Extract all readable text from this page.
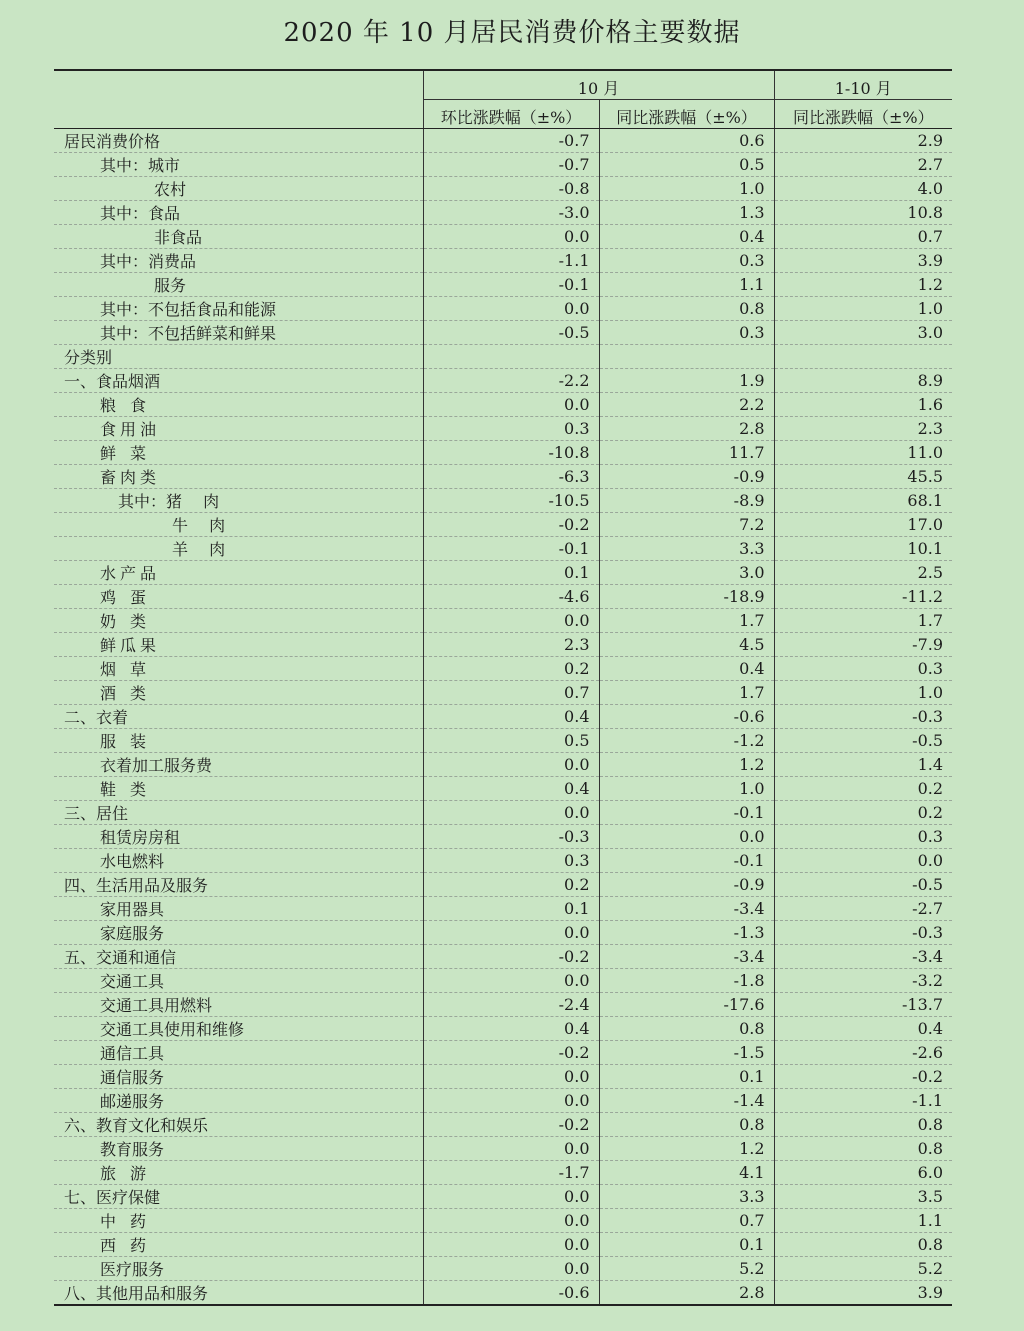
2020 年 10 月居民消费价格主要数据
	10 月		1-10 月
	环比涨跌幅（±%）	同比涨跌幅（±%）	同比涨跌幅（±%）
居民消费价格	-0.7	0.6	2.9
其中：城市	-0.7	0.5	2.7
农村	-0.8	1.0	4.0
其中：食品	-3.0	1.3	10.8
非食品	0.0	0.4	0.7
其中：消费品	-1.1	0.3	3.9
服务	-0.1	1.1	1.2
其中：不包括食品和能源	0.0	0.8	1.0
其中：不包括鲜菜和鲜果	-0.5	0.3	3.0
分类别			
一、食品烟酒	-2.2	1.9	8.9
粮食	0.0	2.2	1.6
食用油	0.3	2.8	2.3
鲜菜	-10.8	11.7	11.0
畜肉类	-6.3	-0.9	45.5
其中：猪　 肉	-10.5	-8.9	68.1
牛　 肉	-0.2	7.2	17.0
羊　 肉	-0.1	3.3	10.1
水产品	0.1	3.0	2.5
鸡蛋	-4.6	-18.9	-11.2
奶类	0.0	1.7	1.7
鲜瓜果	2.3	4.5	-7.9
烟草	0.2	0.4	0.3
酒类	0.7	1.7	1.0
二、衣着	0.4	-0.6	-0.3
服装	0.5	-1.2	-0.5
衣着加工服务费	0.0	1.2	1.4
鞋类	0.4	1.0	0.2
三、居住	0.0	-0.1	0.2
租赁房房租	-0.3	0.0	0.3
水电燃料	0.3	-0.1	0.0
四、生活用品及服务	0.2	-0.9	-0.5
家用器具	0.1	-3.4	-2.7
家庭服务	0.0	-1.3	-0.3
五、交通和通信	-0.2	-3.4	-3.4
交通工具	0.0	-1.8	-3.2
交通工具用燃料	-2.4	-17.6	-13.7
交通工具使用和维修	0.4	0.8	0.4
通信工具	-0.2	-1.5	-2.6
通信服务	0.0	0.1	-0.2
邮递服务	0.0	-1.4	-1.1
六、教育文化和娱乐	-0.2	0.8	0.8
教育服务	0.0	1.2	0.8
旅游	-1.7	4.1	6.0
七、医疗保健	0.0	3.3	3.5
中药	0.0	0.7	1.1
西药	0.0	0.1	0.8
医疗服务	0.0	5.2	5.2
八、其他用品和服务	-0.6	2.8	3.9
